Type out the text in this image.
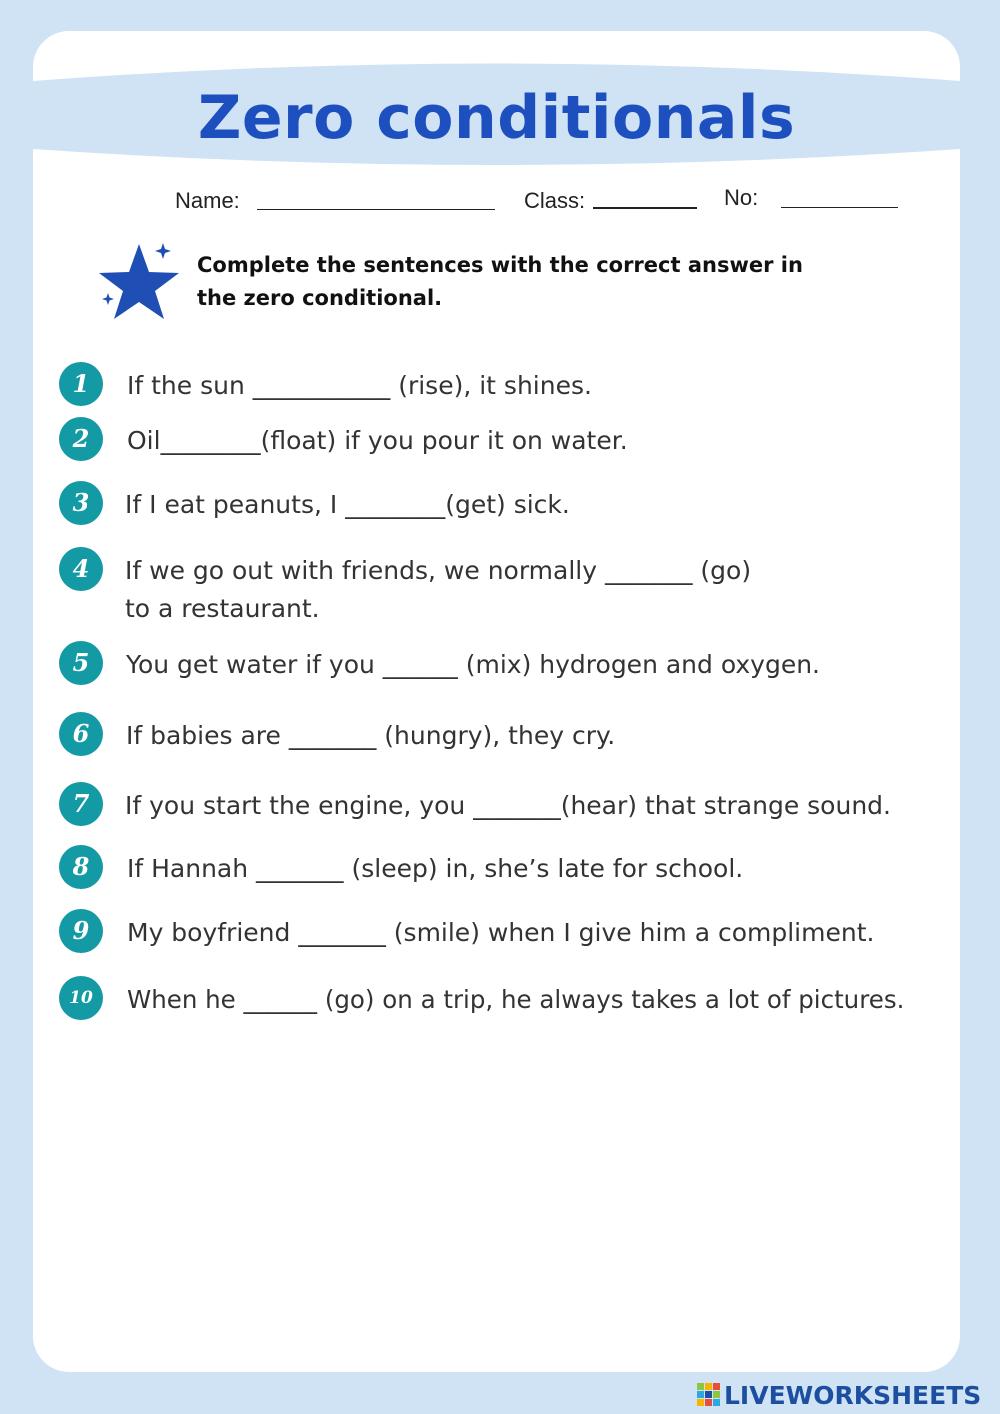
Zero conditionals
Name:	Class:	No:

Complete the sentences with the correct answer in the zero conditional.

1	If the sun ___________ (rise), it shines.

2	Oil________(float) if you pour it on water.

3	If I eat peanuts, I ________(get) sick.

4	If we go out with friends, we normally _______ (go) to a restaurant.

5	You get water if you ______ (mix) hydrogen and oxygen.

6	If babies are _______ (hungry), they cry.

7	If you start the engine, you _______(hear) that strange sound.

8	If Hannah _______ (sleep) in, she’s late for school.

9	My boyfriend _______ (smile) when I give him a compliment.

10	When he ______ (go) on a trip, he always takes a lot of pictures.

LIVEWORKSHEETS
